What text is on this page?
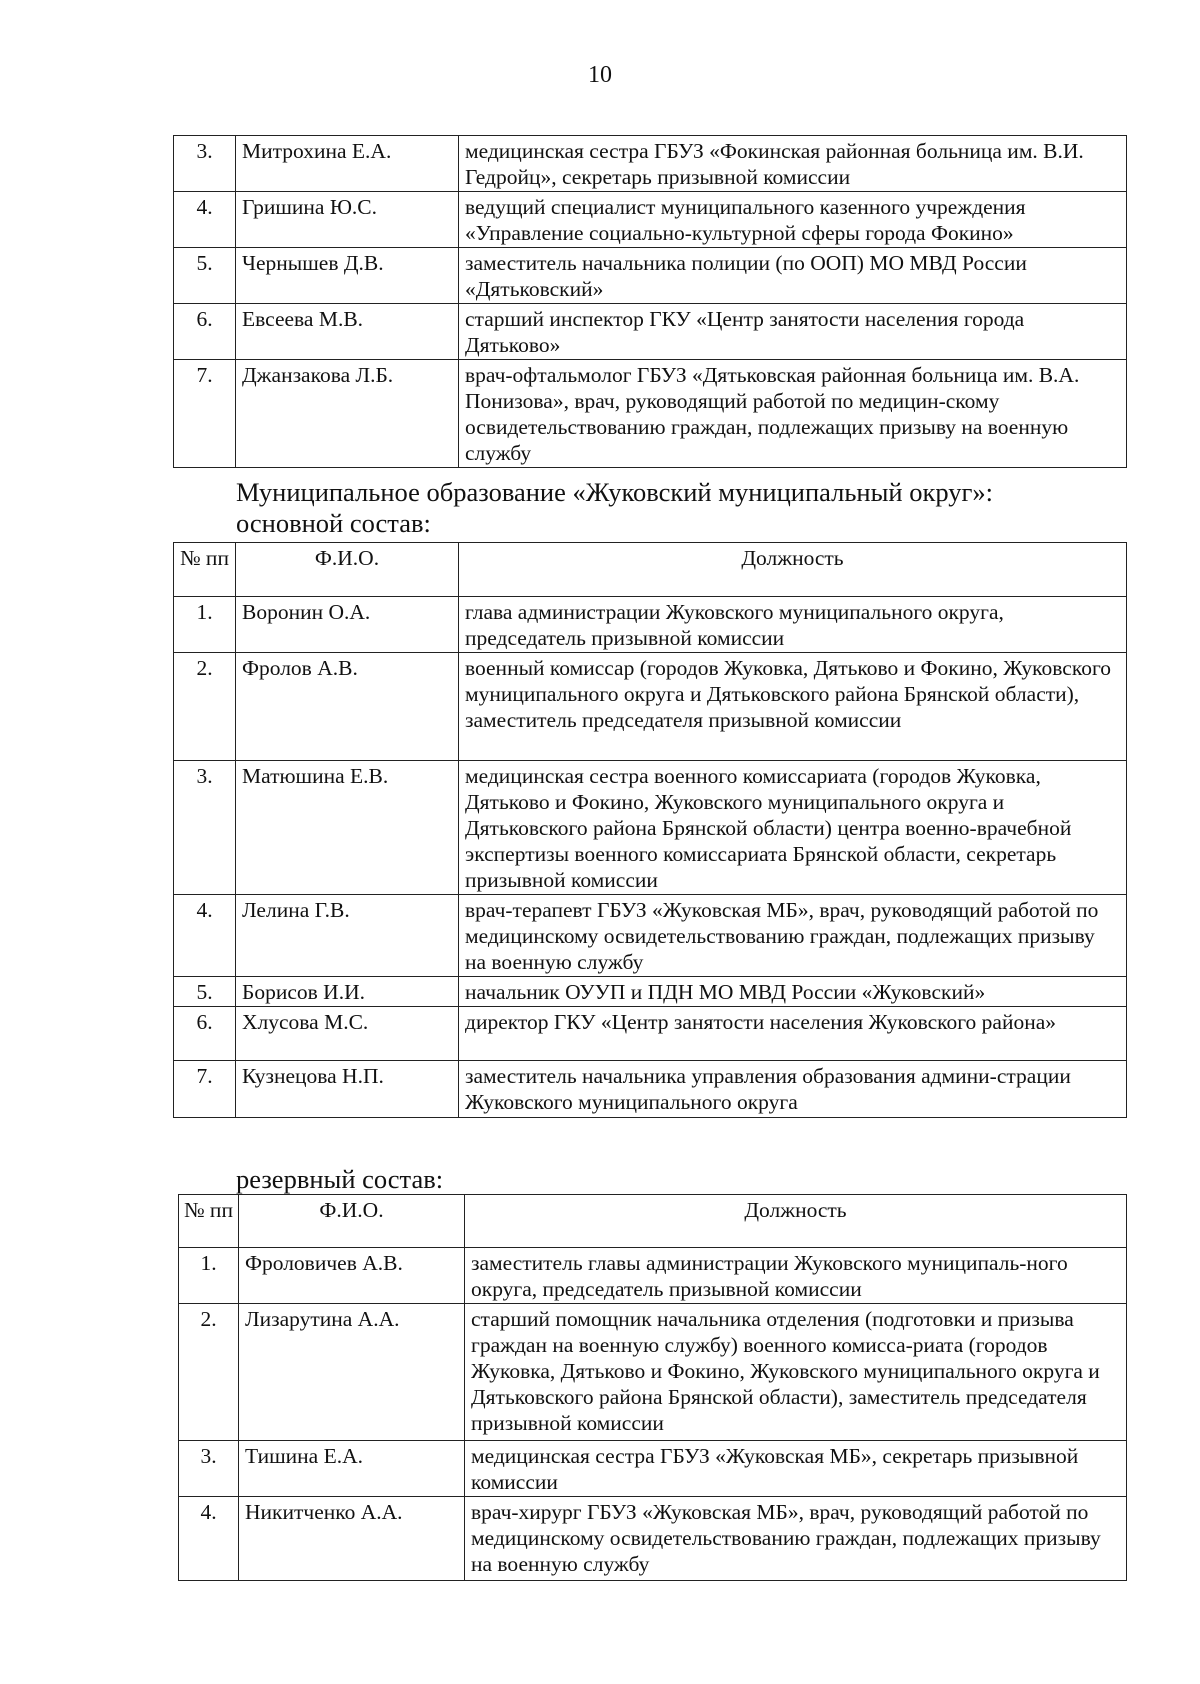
10
3.	Митрохина Е.А.	медицинская сестра ГБУЗ «Фокинская районная больница им. В.И. Гедройц», секретарь призывной комиссии
4.	Гришина Ю.С.	ведущий специалист муниципального казенного учреждения «Управление социально-культурной сферы города Фокино»
5.	Чернышев Д.В.	заместитель начальника полиции (по ООП) МО МВД России «Дятьковский»
6.	Евсеева М.В.	старший инспектор ГКУ «Центр занятости населения города Дятьково»
7.	Джанзакова Л.Б.	врач-офтальмолог ГБУЗ «Дятьковская районная больница им. В.А. Понизова», врач, руководящий работой по медицин-скому освидетельствованию граждан, подлежащих призыву на военную службу
Муниципальное образование «Жуковский муниципальный округ»:
основной состав:
№ пп	Ф.И.О.	Должность
1.	Воронин О.А.	глава администрации Жуковского муниципального округа, председатель призывной комиссии
2.	Фролов А.В.	военный комиссар (городов Жуковка, Дятьково и Фокино, Жуковского муниципального округа и Дятьковского района Брянской области), заместитель председателя призывной комиссии
3.	Матюшина Е.В.	медицинская сестра военного комиссариата (городов Жуковка, Дятьково и Фокино, Жуковского муниципального округа и Дятьковского района Брянской области) центра военно-врачебной экспертизы военного комиссариата Брянской области, секретарь призывной комиссии
4.	Лелина Г.В.	врач-терапевт ГБУЗ «Жуковская МБ», врач, руководящий работой по медицинскому освидетельствованию граждан, подлежащих призыву на военную службу
5.	Борисов И.И.	начальник ОУУП и ПДН МО МВД России «Жуковский»
6.	Хлусова М.С.	директор ГКУ «Центр занятости населения Жуковского района»
7.	Кузнецова Н.П.	заместитель начальника управления образования админи-страции Жуковского муниципального округа
резервный состав:
№ пп	Ф.И.О.	Должность
1.	Фроловичев А.В.	заместитель главы администрации Жуковского муниципаль-ного округа, председатель призывной комиссии
2.	Лизарутина А.А.	старший помощник начальника отделения (подготовки и призыва граждан на военную службу) военного комисса-риата (городов Жуковка, Дятьково и Фокино, Жуковского муниципального округа и Дятьковского района Брянской области), заместитель председателя призывной комиссии
3.	Тишина Е.А.	медицинская сестра ГБУЗ «Жуковская МБ», секретарь призывной комиссии
4.	Никитченко А.А.	врач-хирург ГБУЗ «Жуковская МБ», врач, руководящий работой по медицинскому освидетельствованию граждан, подлежащих призыву на военную службу
